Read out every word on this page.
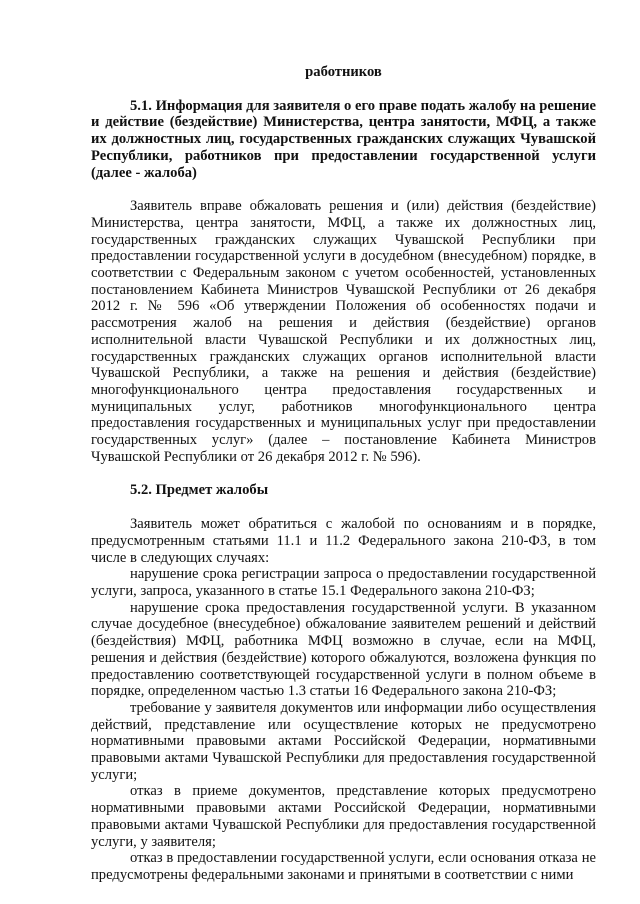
работников

5.1. Информация для заявителя о его праве подать жалобу на решение и действие (бездействие) Министерства, центра занятости, МФЦ, а также их должностных лиц, государственных гражданских служащих Чувашской Республики, работников при предоставлении государственной услуги (далее - жалоба)

Заявитель вправе обжаловать решения и (или) действия (бездействие) Министерства, центра занятости, МФЦ, а также их должностных лиц, государственных гражданских служащих Чувашской Республики при предоставлении государственной услуги в досудебном (внесудебном) порядке, в соответствии с Федеральным законом с учетом особенностей, установленных постановлением Кабинета Министров Чувашской Республики от 26 декабря 2012 г. № 596 «Об утверждении Положения об особенностях подачи и рассмотрения жалоб на решения и действия (бездействие) органов исполнительной власти Чувашской Республики и их должностных лиц, государственных гражданских служащих органов исполнительной власти Чувашской Республики, а также на решения и действия (бездействие) многофункционального центра предоставления государственных и муниципальных услуг, работников многофункционального центра предоставления государственных и муниципальных услуг при предоставлении государственных услуг» (далее – постановление Кабинета Министров Чувашской Республики от 26 декабря 2012 г. № 596).

5.2. Предмет жалобы

Заявитель может обратиться с жалобой по основаниям и в порядке, предусмотренным статьями 11.1 и 11.2 Федерального закона 210-ФЗ, в том числе в следующих случаях:

нарушение срока регистрации запроса о предоставлении государственной услуги, запроса, указанного в статье 15.1 Федерального закона 210-ФЗ;

нарушение срока предоставления государственной услуги. В указанном случае досудебное (внесудебное) обжалование заявителем решений и действий (бездействия) МФЦ, работника МФЦ возможно в случае, если на МФЦ, решения и действия (бездействие) которого обжалуются, возложена функция по предоставлению соответствующей государственной услуги в полном объеме в порядке, определенном частью 1.3 статьи 16 Федерального закона 210-ФЗ;

требование у заявителя документов или информации либо осуществления действий, представление или осуществление которых не предусмотрено нормативными правовыми актами Российской Федерации, нормативными правовыми актами Чувашской Республики для предоставления государственной услуги;

отказ в приеме документов, представление которых предусмотрено нормативными правовыми актами Российской Федерации, нормативными правовыми актами Чувашской Республики для предоставления государственной услуги, у заявителя;

отказ в предоставлении государственной услуги, если основания отказа не предусмотрены федеральными законами и принятыми в соответствии с ними
